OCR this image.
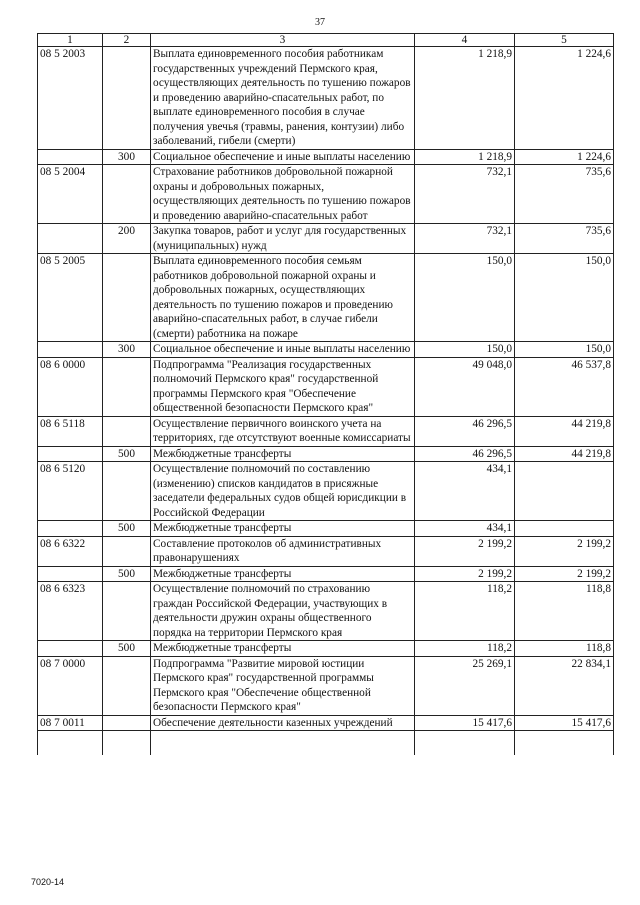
37
1	2	3	4	5
08 5 2003		Выплата единовременного пособия работникам государственных учреждений Пермского края, осуществляющих деятельность по тушению пожаров и проведению аварийно-спасательных работ, по выплате единовременного пособия в случае получения увечья (травмы, ранения, контузии) либо заболеваний, гибели (смерти)	1 218,9	1 224,6
	300	Социальное обеспечение и иные выплаты населению	1 218,9	1 224,6
08 5 2004		Страхование работников добровольной пожарной охраны и добровольных пожарных, осуществляющих деятельность по тушению пожаров и проведению аварийно-спасательных работ	732,1	735,6
	200	Закупка товаров, работ и услуг для государственных (муниципальных) нужд	732,1	735,6
08 5 2005		Выплата единовременного пособия семьям работников добровольной пожарной охраны и добровольных пожарных, осуществляющих деятельность по тушению пожаров и проведению аварийно-спасательных работ, в случае гибели (смерти) работника на пожаре	150,0	150,0
	300	Социальное обеспечение и иные выплаты населению	150,0	150,0
08 6 0000		Подпрограмма "Реализация государственных полномочий Пермского края" государственной программы Пермского края "Обеспечение общественной безопасности Пермского края"	49 048,0	46 537,8
08 6 5118		Осуществление первичного воинского учета на территориях, где отсутствуют военные комиссариаты	46 296,5	44 219,8
	500	Межбюджетные трансферты	46 296,5	44 219,8
08 6 5120		Осуществление полномочий по составлению (изменению) списков кандидатов в присяжные заседатели федеральных судов общей юрисдикции в Российской Федерации	434,1	
	500	Межбюджетные трансферты	434,1	
08 6 6322		Составление протоколов об административных правонарушениях	2 199,2	2 199,2
	500	Межбюджетные трансферты	2 199,2	2 199,2
08 6 6323		Осуществление полномочий по страхованию граждан Российской Федерации, участвующих в деятельности дружин охраны общественного порядка на территории Пермского края	118,2	118,8
	500	Межбюджетные трансферты	118,2	118,8
08 7 0000		Подпрограмма "Развитие мировой юстиции Пермского края" государственной программы Пермского края "Обеспечение общественной безопасности Пермского края"	25 269,1	22 834,1
08 7 0011		Обеспечение деятельности казенных учреждений	15 417,6	15 417,6

7020-14
